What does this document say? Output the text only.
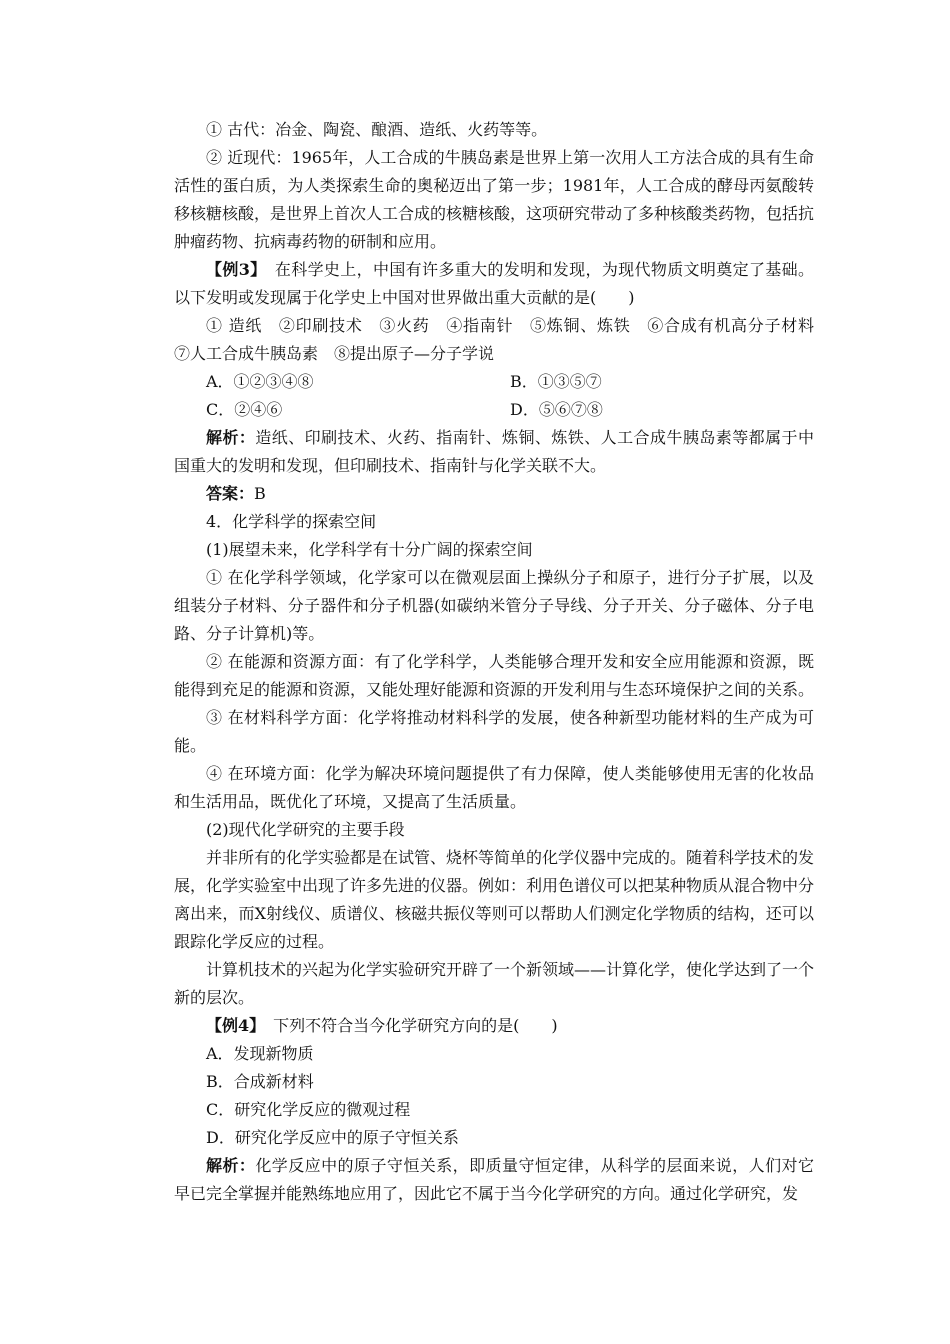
① 古代：冶金、陶瓷、酿酒、造纸、火药等等。

② 近现代：1965年，人工合成的牛胰岛素是世界上第一次用人工方法合成的具有生命活性的蛋白质，为人类探索生命的奥秘迈出了第一步；1981年，人工合成的酵母丙氨酸转移核糖核酸，是世界上首次人工合成的核糖核酸，这项研究带动了多种核酸类药物，包括抗肿瘤药物、抗病毒药物的研制和应用。

【例3】　 在科学史上，中国有许多重大的发明和发现，为现代物质文明奠定了基础。以下发明或发现属于化学史上中国对世界做出重大贡献的是(　　)

① 造纸　②印刷技术　③火药　④指南针　⑤炼铜、炼铁　⑥合成有机高分子材料　⑦人工合成牛胰岛素　⑧提出原子—分子学说

A．①②③④⑧	B．①③⑤⑦
C．②④⑥	D．⑤⑥⑦⑧

解析：造纸、印刷技术、火药、指南针、炼铜、炼铁、人工合成牛胰岛素等都属于中国重大的发明和发现，但印刷技术、指南针与化学关联不大。

答案：B

4．化学科学的探索空间

(1)展望未来，化学科学有十分广阔的探索空间

① 在化学科学领域，化学家可以在微观层面上操纵分子和原子，进行分子扩展，以及组装分子材料、分子器件和分子机器(如碳纳米管分子导线、分子开关、分子磁体、分子电路、分子计算机)等。

② 在能源和资源方面：有了化学科学，人类能够合理开发和安全应用能源和资源，既能得到充足的能源和资源，又能处理好能源和资源的开发利用与生态环境保护之间的关系。

③ 在材料科学方面：化学将推动材料科学的发展，使各种新型功能材料的生产成为可能。

④ 在环境方面：化学为解决环境问题提供了有力保障，使人类能够使用无害的化妆品和生活用品，既优化了环境，又提高了生活质量。

(2)现代化学研究的主要手段

并非所有的化学实验都是在试管、烧杯等简单的化学仪器中完成的。随着科学技术的发展，化学实验室中出现了许多先进的仪器。例如：利用色谱仪可以把某种物质从混合物中分离出来，而X射线仪、质谱仪、核磁共振仪等则可以帮助人们测定化学物质的结构，还可以跟踪化学反应的过程。

计算机技术的兴起为化学实验研究开辟了一个新领域——计算化学，使化学达到了一个新的层次。

【例4】　 下列不符合当今化学研究方向的是(　　)

A．发现新物质

B．合成新材料

C．研究化学反应的微观过程

D．研究化学反应中的原子守恒关系

解析：化学反应中的原子守恒关系，即质量守恒定律，从科学的层面来说，人们对它早已完全掌握并能熟练地应用了，因此它不属于当今化学研究的方向。通过化学研究，发
